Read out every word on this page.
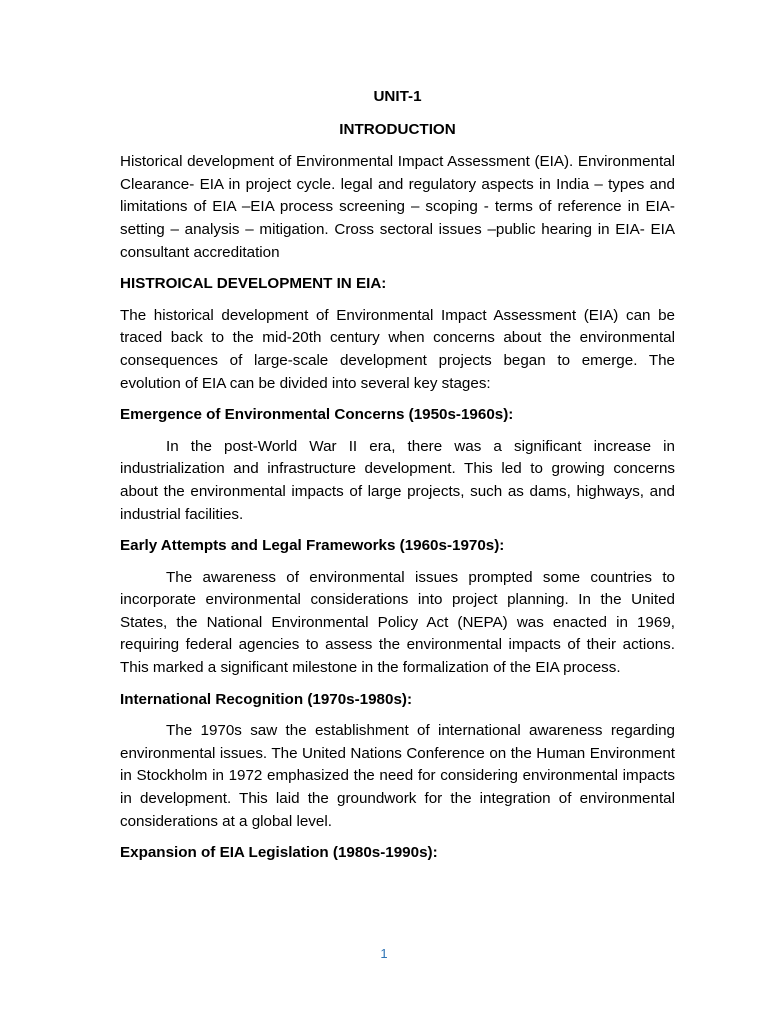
UNIT-1

INTRODUCTION

Historical development of Environmental Impact Assessment (EIA). Environmental Clearance- EIA in project cycle. legal and regulatory aspects in India – types and limitations of EIA –EIA process screening – scoping - terms of reference in EIA- setting – analysis – mitigation. Cross sectoral issues –public hearing in EIA- EIA consultant accreditation

HISTROICAL DEVELOPMENT IN EIA:

The historical development of Environmental Impact Assessment (EIA) can be traced back to the mid-20th century when concerns about the environmental consequences of large-scale development projects began to emerge. The evolution of EIA can be divided into several key stages:

Emergence of Environmental Concerns (1950s-1960s):

In the post-World War II era, there was a significant increase in industrialization and infrastructure development. This led to growing concerns about the environmental impacts of large projects, such as dams, highways, and industrial facilities.

Early Attempts and Legal Frameworks (1960s-1970s):

The awareness of environmental issues prompted some countries to incorporate environmental considerations into project planning. In the United States, the National Environmental Policy Act (NEPA) was enacted in 1969, requiring federal agencies to assess the environmental impacts of their actions. This marked a significant milestone in the formalization of the EIA process.

International Recognition (1970s-1980s):

The 1970s saw the establishment of international awareness regarding environmental issues. The United Nations Conference on the Human Environment in Stockholm in 1972 emphasized the need for considering environmental impacts in development. This laid the groundwork for the integration of environmental considerations at a global level.

Expansion of EIA Legislation (1980s-1990s):

1
